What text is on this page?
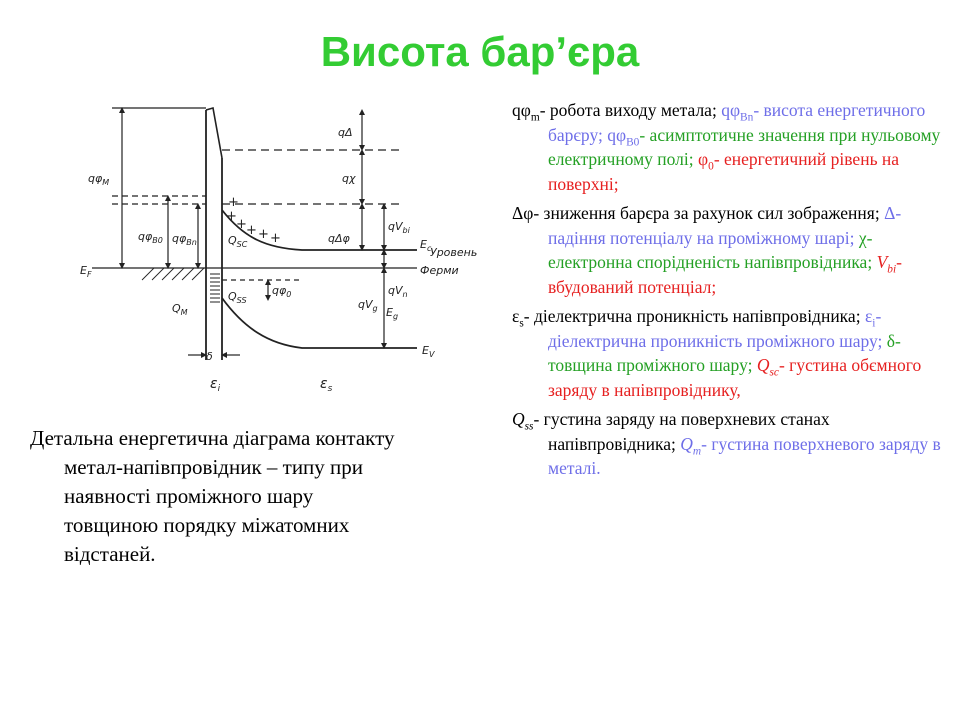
Висота бар’єра
+
+ + + +
+
$q\varphi_M$
$q\varphi_{B0}$ $q\varphi_{Bn}$
qΔ
qχ
qΔφ
$qV_{bi}$
$E_c$
Уровень
Ферми
$qV_n$
$qV_g$ $E_g$
$E_V$
$q\varphi_0$
$Q_{SC}$
$Q_{SS}$
$Q_M$
$E_F$
δ
$\varepsilon_i$	$\varepsilon_s$
Детальна енергетична діаграма контакту
метал-напівпровідник – типу при
наявності проміжного шару
товщиною порядку міжатомних
відстаней.
$q\varphi_m-$ робота виходу метала; $q\varphi_{Bn}-$ висота енергетичного барєру; $q\varphi_{B0}-$ асимптотичне значення при нульовому електричному полі; $\varphi_0-$ енергетичний рівень на поверхні;
Δφ- зниження барєра за рахунок сил зображення; Δ- падіння потенціалу на проміжному шарі; χ- електронна спорідненість напівпровідника; $V_{bi}-$ вбудований потенціал;
$\varepsilon_s-$ діелектрична проникність напівпровідника; $\varepsilon_i-$ діелектрична проникність проміжного шару; δ- товщина проміжного шару; $Q_{sc}-$ густина обємного заряду в напівпровіднику,
$Q_{ss}-$ густина заряду на поверхневих станах напівпровідника; $Q_m-$ густина поверхневого заряду в металі.
